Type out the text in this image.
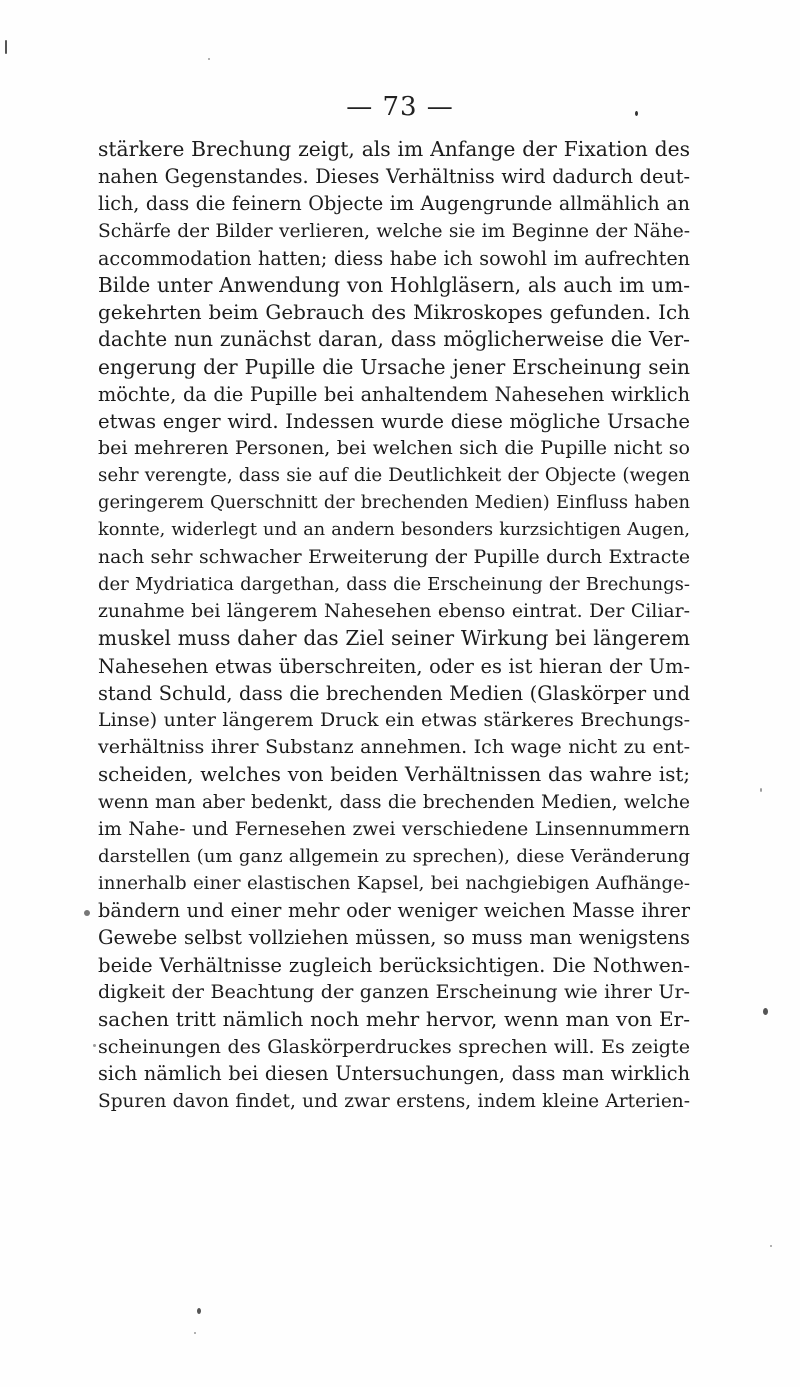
— 73 —
stärkere Brechung zeigt, als im Anfange der Fixation des
nahen Gegenstandes. Dieses Verhältniss wird dadurch deut-
lich, dass die feinern Objecte im Augengrunde allmählich an
Schärfe der Bilder verlieren, welche sie im Beginne der Nähe-
accommodation hatten; diess habe ich sowohl im aufrechten
Bilde unter Anwendung von Hohlgläsern, als auch im um-
gekehrten beim Gebrauch des Mikroskopes gefunden. Ich
dachte nun zunächst daran, dass möglicherweise die Ver-
engerung der Pupille die Ursache jener Erscheinung sein
möchte, da die Pupille bei anhaltendem Nahesehen wirklich
etwas enger wird. Indessen wurde diese mögliche Ursache
bei mehreren Personen, bei welchen sich die Pupille nicht so
sehr verengte, dass sie auf die Deutlichkeit der Objecte (wegen
geringerem Querschnitt der brechenden Medien) Einfluss haben
konnte, widerlegt und an andern besonders kurzsichtigen Augen,
nach sehr schwacher Erweiterung der Pupille durch Extracte
der Mydriatica dargethan, dass die Erscheinung der Brechungs-
zunahme bei längerem Nahesehen ebenso eintrat. Der Ciliar-
muskel muss daher das Ziel seiner Wirkung bei längerem
Nahesehen etwas überschreiten, oder es ist hieran der Um-
stand Schuld, dass die brechenden Medien (Glaskörper und
Linse) unter längerem Druck ein etwas stärkeres Brechungs-
verhältniss ihrer Substanz annehmen. Ich wage nicht zu ent-
scheiden, welches von beiden Verhältnissen das wahre ist;
wenn man aber bedenkt, dass die brechenden Medien, welche
im Nahe- und Fernesehen zwei verschiedene Linsennummern
darstellen (um ganz allgemein zu sprechen), diese Veränderung
innerhalb einer elastischen Kapsel, bei nachgiebigen Aufhänge-
bändern und einer mehr oder weniger weichen Masse ihrer
Gewebe selbst vollziehen müssen, so muss man wenigstens
beide Verhältnisse zugleich berücksichtigen. Die Nothwen-
digkeit der Beachtung der ganzen Erscheinung wie ihrer Ur-
sachen tritt nämlich noch mehr hervor, wenn man von Er-
scheinungen des Glaskörperdruckes sprechen will. Es zeigte
sich nämlich bei diesen Untersuchungen, dass man wirklich
Spuren davon findet, und zwar erstens, indem kleine Arterien-
